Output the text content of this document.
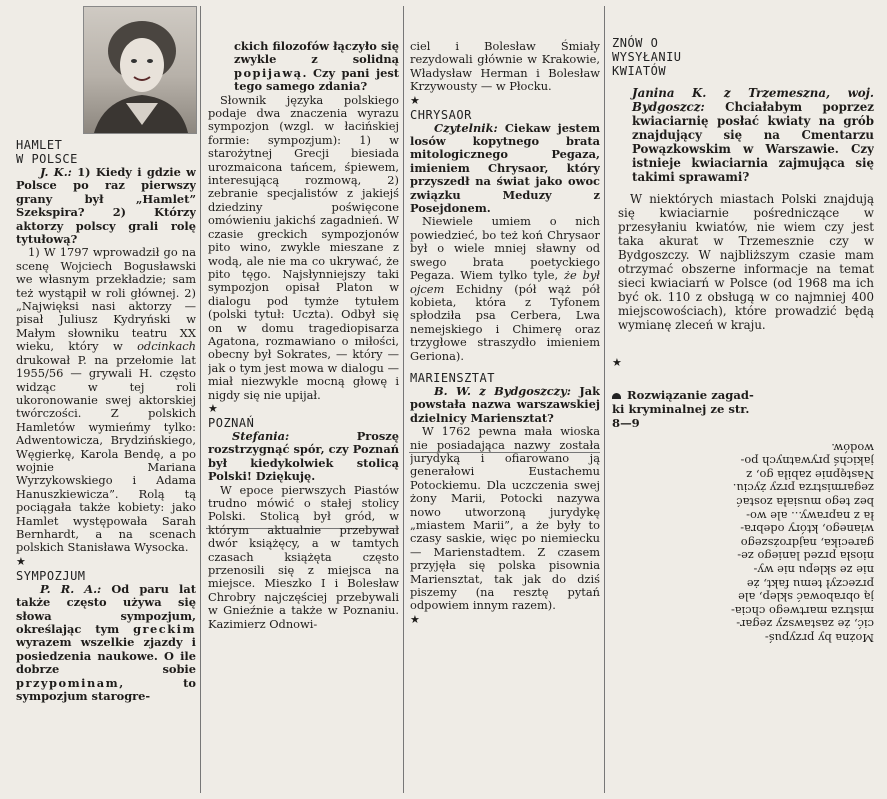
HAMLET
W POLSCE

J. K.: 1) Kiedy i gdzie w Polsce po raz pierwszy grany był „Hamlet” Szekspira? 2) Którzy aktorzy polscy grali rolę tytułową?

1) W 1797 wprowadził go na scenę Wojciech Bogusławski we własnym przekładzie; sam też wystąpił w roli głównej. 2) „Najwięksi nasi aktorzy — pisał Juliusz Kydryński w Małym słowniku teatru XX wieku, który w odcinkach drukował P. na przełomie lat 1955/56 — grywali H. często widząc w tej roli ukoronowanie swej aktorskiej twórczości. Z polskich Hamletów wymieńmy tylko: Adwentowicza, Brydzińskiego, Węgierkę, Karola Bendę, a po wojnie Mariana Wyrzykowskiego i Adama Hanuszkiewicza”. Rolą tą pociągała także kobiety: jako Hamlet występowała Sarah Bernhardt, a na scenach polskich Stanisława Wysocka.

★

SYMPOZJUM

P. R. A.: Od paru lat także często używa się słowa sympozjum, określając tym greckim wyrazem wszelkie zjazdy i posiedzenia naukowe. O ile dobrze sobie przypominam, to sympozjum starogre-

ckich filozofów łączyło się zwykle z solidną popijawą. Czy pani jest tego samego zdania?

Słownik języka polskiego podaje dwa znaczenia wyrazu sympozjon (wzgl. w łacińskiej formie: sympozjum): 1) w starożytnej Grecji biesiada urozmaicona tańcem, śpiewem, interesującą rozmową, 2) zebranie specjalistów z jakiejś dziedziny poświęcone omówieniu jakichś zagadnień. W czasie greckich sympozjonów pito wino, zwykle mieszane z wodą, ale nie ma co ukrywać, że pito tęgo. Najsłynniejszy taki sympozjon opisał Platon w dialogu pod tymże tytułem (polski tytuł: Uczta). Odbył się on w domu tragediopisarza Agatona, rozmawiano o miłości, obecny był Sokrates, — który — jak o tym jest mowa w dialogu — miał niezwykle mocną głowę i nigdy się nie upijał.

★

POZNAŃ

Stefania: Proszę rozstrzygnąć spór, czy Poznań był kiedykolwiek stolicą Polski! Dziękuję.

W epoce pierwszych Piastów trudno mówić o stałej stolicy Polski. Stolicą był gród, w którym aktualnie przebywał dwór książęcy, a w tamtych czasach książęta często przenosili się z miejsca na miejsce. Mieszko I i Bolesław Chrobry najczęściej przebywali w Gnieźnie a także w Poznaniu. Kazimierz Odnowi-

ciel i Bolesław Śmiały rezydowali głównie w Krakowie, Władysław Herman i Bolesław Krzywousty — w Płocku.

★

CHRYSAOR

Czytelnik: Ciekaw jestem losów kopytnego brata mitologicznego Pegaza, imieniem Chrysaor, który przyszedł na świat jako owoc związku Meduzy z Posejdonem.

Niewiele umiem o nich powiedzieć, bo też koń Chrysaor był o wiele mniej sławny od swego brata poetyckiego Pegaza. Wiem tylko tyle, że był ojcem Echidny (pół wąż pół kobieta, która z Tyfonem spłodziła psa Cerbera, Lwa nemejskiego i Chimerę oraz trzygłowe straszydło imieniem Geriona).

MARIENSZTAT

B. W. z Bydgoszczy: Jak powstała nazwa warszawskiej dzielnicy Mariensztat?

W 1762 pewna mała wioska nie posiadająca nazwy została jurydyką i ofiarowano ją generałowi Eustachemu Potockiemu. Dla uczczenia swej żony Marii, Potocki nazywa nowo utworzoną jurydykę „miastem Marii”, a że były to czasy saskie, więc po niemiecku — Marienstadtem. Z czasem przyjęła się polska pisownia Mariensztat, tak jak do dziś piszemy (na resztę pytań odpowiem innym razem).

★

ZNÓW O
WYSYŁANIU
KWIATÓW

Janina K. z Trzemeszna, woj. Bydgoszcz: Chciałabym poprzez kwiaciarnię posłać kwiaty na grób znajdujący się na Cmentarzu Powązkowskim w Warszawie. Czy istnieje kwiaciarnia zajmująca się takimi sprawami?

W niektórych miastach Polski znajdują się kwiaciarnie pośredniczące w przesyłaniu kwiatów, nie wiem czy jest taka akurat w Trzemesznie czy w Bydgoszczy. W najbliższym czasie mam otrzymać obszerne informacje na temat sieci kwiaciarń w Polsce (od 1968 ma ich być ok. 110 z obsługą w co najmniej 400 miejscowościach), które prowadzić będą wymianę zleceń w kraju.

★

Rozwiązanie zagad-
ki kryminalnej ze str.
8—9

Można by przypuś-
cić, że zastawszy zegar-
mistrza martwego chcia-
ją obrabować sklep, ale
przeczył temu fakt, że
nie ze sklepu nie wy-
niosła przed laniego ze-
garecika, najdroższego
wianego, który odebra-
ła z naprawy... ale wo-
bez tego musiała zostać
zegarmistrza przy życiu.
Następnie zabiła go, z
jakichś prywatnych po-
wodów.
